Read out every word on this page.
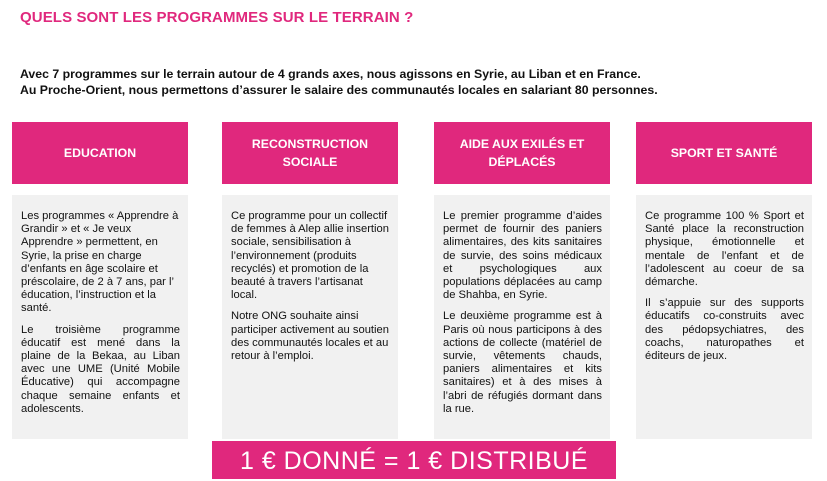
QUELS SONT LES PROGRAMMES SUR LE TERRAIN ?
Avec 7 programmes sur le terrain autour de 4 grands axes, nous agissons en Syrie, au Liban et en France.
Au Proche-Orient, nous permettons d’assurer le salaire des communautés locales en salariant 80 personnes.
EDUCATION

Les programmes « Apprendre à Grandir » et « Je veux Apprendre » permettent, en Syrie, la prise en charge d’enfants en âge scolaire et préscolaire, de 2 à 7 ans, par l’ éducation, l’instruction et la santé.

Le troisième programme éducatif est mené dans la plaine de la Bekaa, au Liban avec une UME (Unité Mobile Éducative) qui accompagne chaque semaine enfants et adolescents.

RECONSTRUCTION SOCIALE

Ce programme pour un collectif de femmes à Alep allie insertion sociale, sensibilisation à l’environnement (produits recyclés) et promotion de la beauté à travers l’artisanat local.

Notre ONG souhaite ainsi participer activement au soutien des communautés locales et au retour à l’emploi.

AIDE AUX EXILÉS ET DÉPLACÉS

Le premier programme d’aides permet de fournir des paniers alimentaires, des kits sanitaires de survie, des soins médicaux et psychologiques aux populations déplacées au camp de Shahba, en Syrie.

Le deuxième programme est à Paris où nous participons à des actions de collecte (matériel de survie, vêtements chauds, paniers alimentaires et kits sanitaires) et à des mises à l’abri de réfugiés dormant dans la rue.

SPORT ET SANTÉ

Ce programme 100 % Sport et Santé place la reconstruction physique, émotionnelle et mentale de l’enfant et de l’adolescent au coeur de sa démarche.

Il s’appuie sur des supports éducatifs co-construits avec des pédopsychiatres, des coachs, naturopathes et éditeurs de jeux.

1 € DONNÉ = 1 € DISTRIBUÉ
